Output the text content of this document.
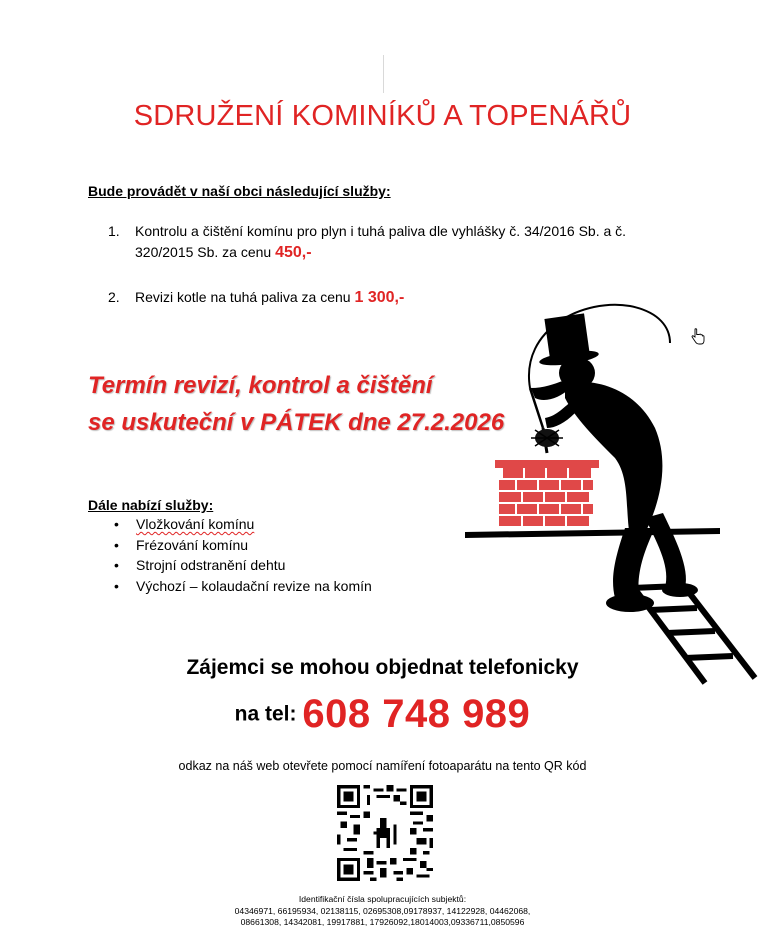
SDRUŽENÍ KOMINÍKŮ A TOPENÁŘŮ
Bude provádět v naší obci následující služby:
1.	Kontrolu a čištění komínu pro plyn i tuhá paliva dle vyhlášky č. 34/2016 Sb. a č.
320/2015 Sb. za cenu 450,-
2.	Revizi kotle na tuhá paliva za cenu 1 300,-
Termín revizí, kontrol a čištění
se uskuteční v PÁTEK dne 27.2.2026
Dále nabízí služby:
• Vložkování komínu
• Frézování komínu
• Strojní odstranění dehtu
• Výchozí – kolaudační revize na komín
Zájemci se mohou objednat telefonicky
na tel: 608 748 989
odkaz na náš web otevřete pomocí namíření fotoaparátu na tento QR kód
Identifikační čísla spolupracujících subjektů:
04346971, 66195934, 02138115, 02695308,09178937, 14122928, 04462068,
08661308, 14342081, 19917881, 17926092,18014003,09336711,0850596
